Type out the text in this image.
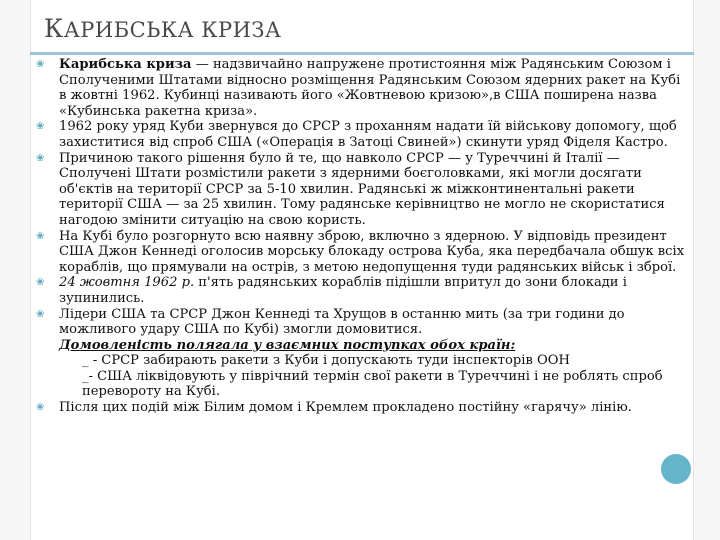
КАРИБСЬКА КРИЗА
❀ Карибська криза — надзвичайно напружене протистояння між Радянським Союзом і Сполученими Штатами відносно розміщення Радянським Союзом ядерних ракет на Кубі в жовтні 1962. Кубинці називають його «Жовтневою кризою»,в США поширена назва «Кубинська ракетна криза».
❀ 1962 року уряд Куби звернувся до СРСР з проханням надати їй військову допомогу, щоб захиститися від спроб США («Операція в Затоці Свиней») скинути уряд Фіделя Кастро.
❀ Причиною такого рішення було й те, що навколо СРСР — у Туреччині й Італії — Сполучені Штати розмістили ракети з ядерними боєголовками, які могли досягати об'єктів на території СРСР за 5-10 хвилин. Радянські ж міжконтинентальні ракети території США — за 25 хвилин. Тому радянське керівництво не могло не скористатися нагодою змінити ситуацію на свою користь.
❀ На Кубі було розгорнуто всю наявну зброю, включно з ядерною. У відповідь президент США Джон Кеннеді оголосив морську блокаду острова Куба, яка передбачала обшук всіх кораблів, що прямували на острів, з метою недопущення туди радянських військ і зброї.
❀ 24 жовтня 1962 р. п'ять радянських кораблів підішли впритул до зони блокади і зупинились.
❀ Лідери США та СРСР Джон Кеннеді та Хрущов в останню мить (за три години до можливого удару США по Кубі) змогли домовитися.
Домовленість полягала у взаємних поступках обох країн:
_ - СРСР забирають ракети з Куби і допускають туди інспекторів ООН
_- США ліквідовують у піврічний термін свої ракети в Туреччині і не роблять спроб перевороту на Кубі.
❀ Після цих подій між Білим домом і Кремлем прокладено постійну «гарячу» лінію.
